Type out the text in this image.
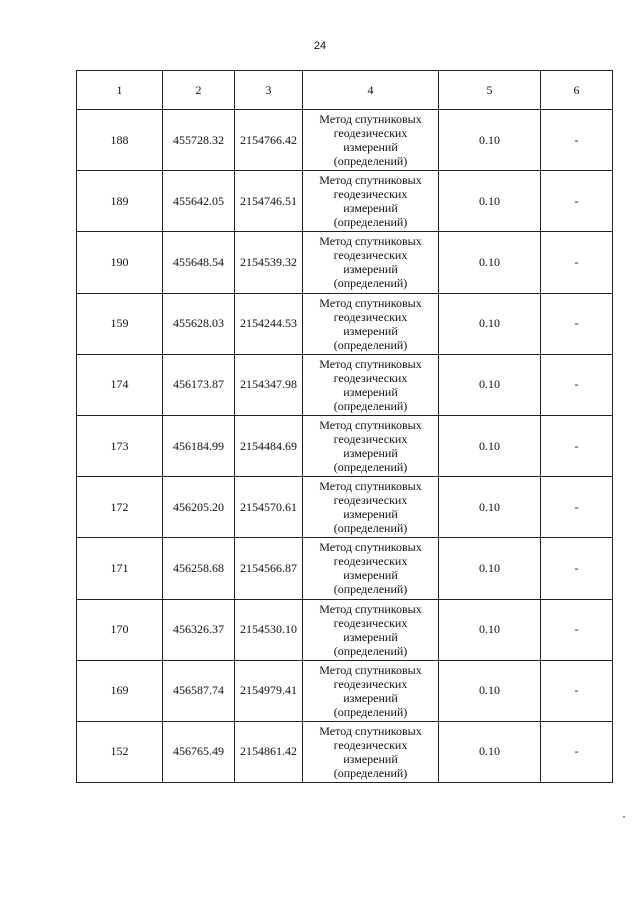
24
1	2	3	4	5	6
188	455728.32	2154766.42	Метод спутниковых
геодезических
измерений
(определений)	0.10	-
189	455642.05	2154746.51	Метод спутниковых
геодезических
измерений
(определений)	0.10	-
190	455648.54	2154539.32	Метод спутниковых
геодезических
измерений
(определений)	0.10	-
159	455628.03	2154244.53	Метод спутниковых
геодезических
измерений
(определений)	0.10	-
174	456173.87	2154347.98	Метод спутниковых
геодезических
измерений
(определений)	0.10	-
173	456184.99	2154484.69	Метод спутниковых
геодезических
измерений
(определений)	0.10	-
172	456205.20	2154570.61	Метод спутниковых
геодезических
измерений
(определений)	0.10	-
171	456258.68	2154566.87	Метод спутниковых
геодезических
измерений
(определений)	0.10	-
170	456326.37	2154530.10	Метод спутниковых
геодезических
измерений
(определений)	0.10	-
169	456587.74	2154979.41	Метод спутниковых
геодезических
измерений
(определений)	0.10	-
152	456765.49	2154861.42	Метод спутниковых
геодезических
измерений
(определений)	0.10	-
